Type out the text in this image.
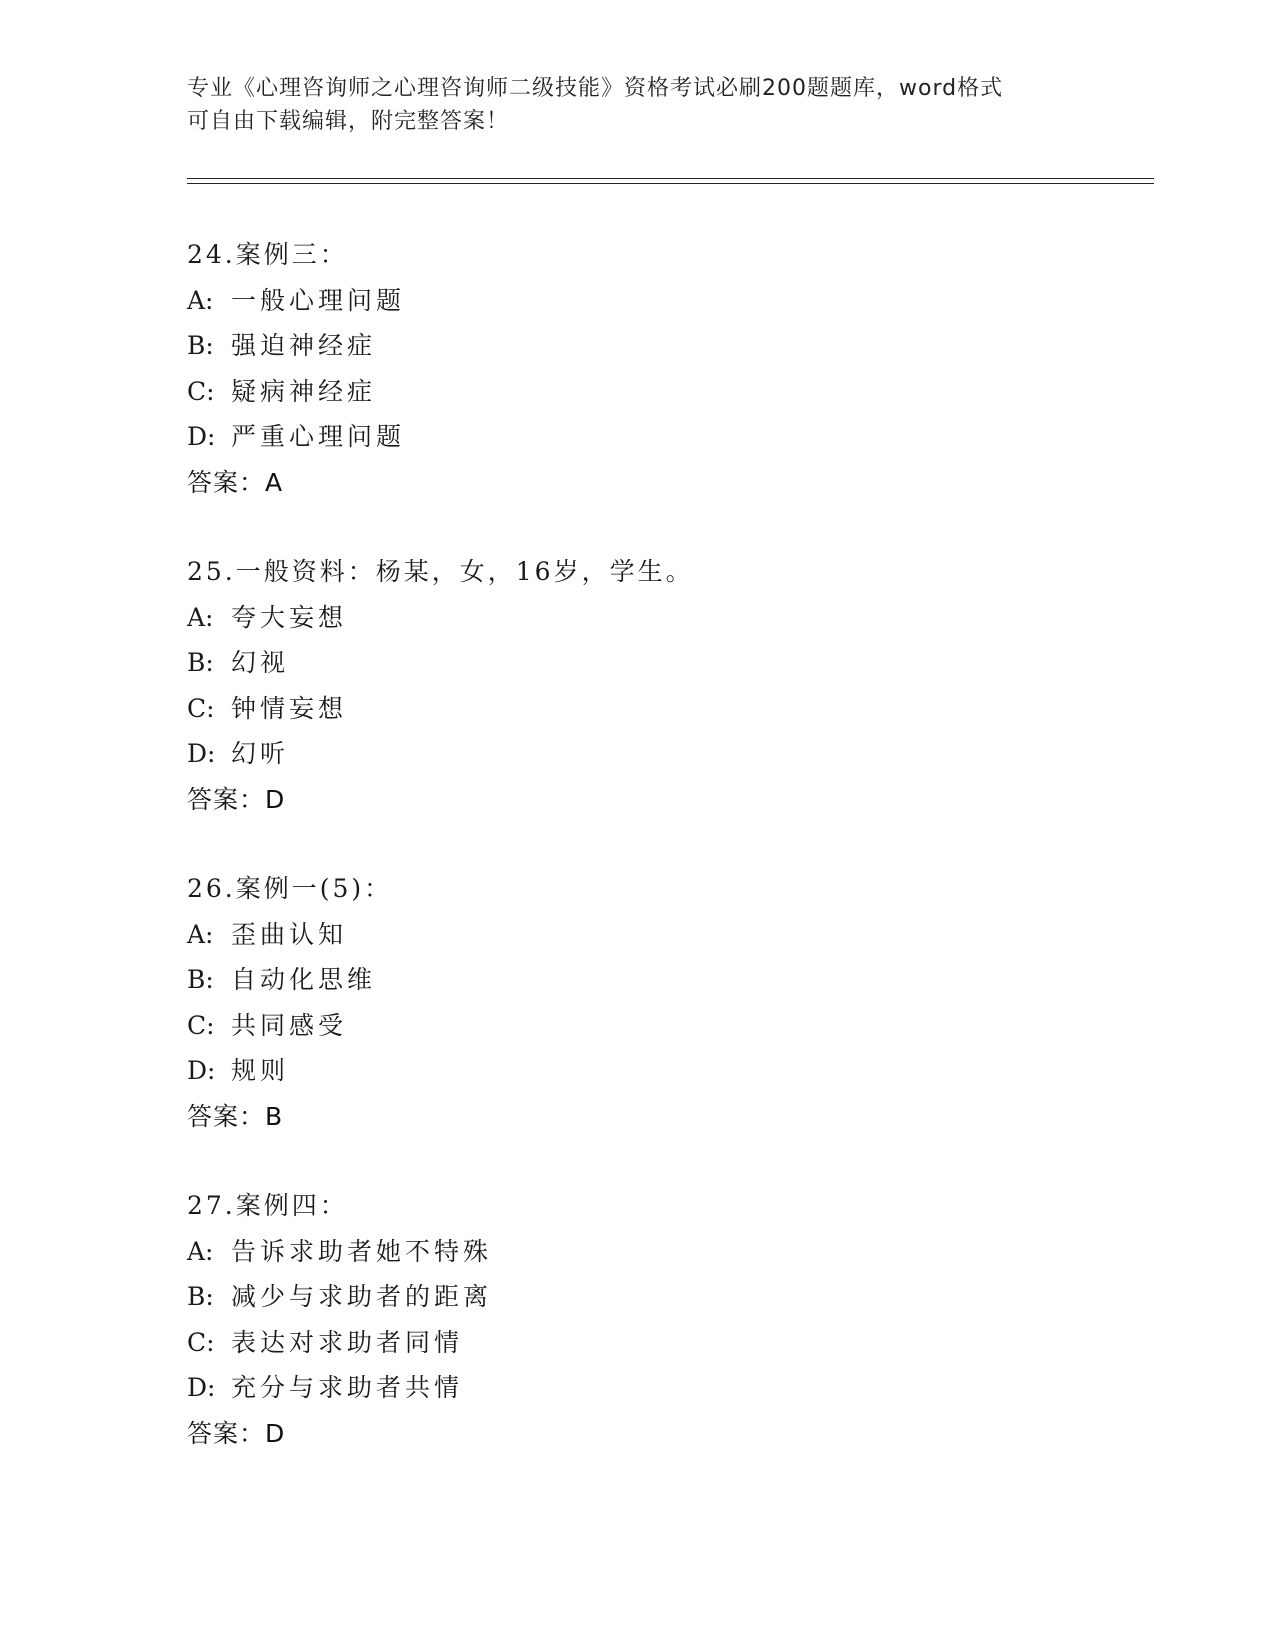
专业《心理咨询师之心理咨询师二级技能》资格考试必刷200题题库，word格式
可自由下载编辑，附完整答案！
24.案例三：
A: 一般心理问题
B: 强迫神经症
C: 疑病神经症
D: 严重心理问题
答案：A
25.一般资料：杨某，女，16岁，学生。
A: 夸大妄想
B: 幻视
C: 钟情妄想
D: 幻听
答案：D
26.案例一(5)：
A: 歪曲认知
B: 自动化思维
C: 共同感受
D: 规则
答案：B
27.案例四：
A: 告诉求助者她不特殊
B: 减少与求助者的距离
C: 表达对求助者同情
D: 充分与求助者共情
答案：D
